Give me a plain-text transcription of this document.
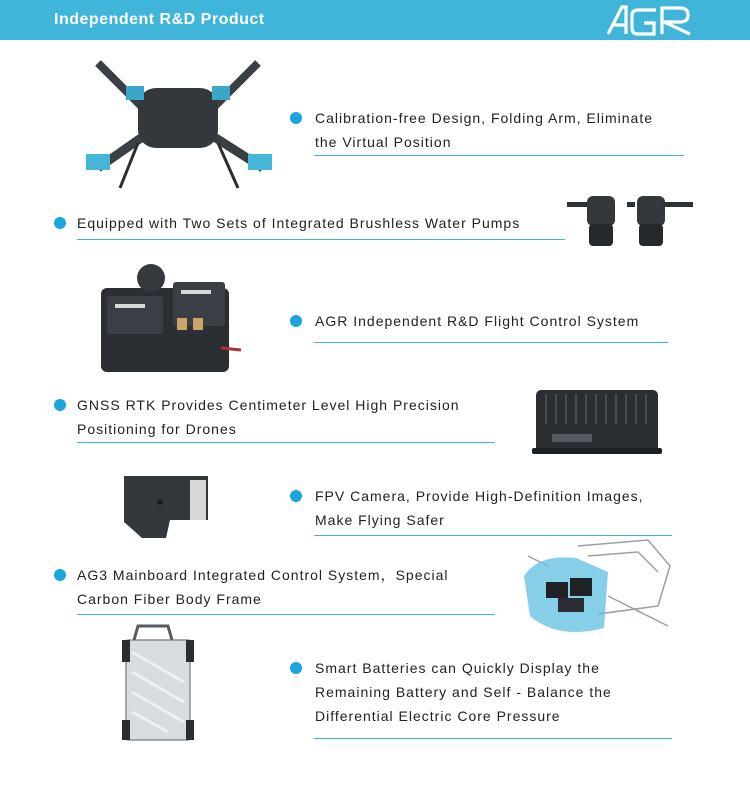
Independent R&D Product
Calibration-free Design, Folding Arm, Eliminate
the Virtual Position
Equipped with Two Sets of Integrated Brushless Water Pumps
AGR Independent R&D Flight Control System
GNSS RTK Provides Centimeter Level High Precision
Positioning for Drones
FPV Camera, Provide High-Definition Images,
Make Flying Safer
AG3 Mainboard Integrated Control System，Special
Carbon Fiber Body Frame
Smart Batteries can Quickly Display the
Remaining Battery and Self - Balance the
Differential Electric Core Pressure
